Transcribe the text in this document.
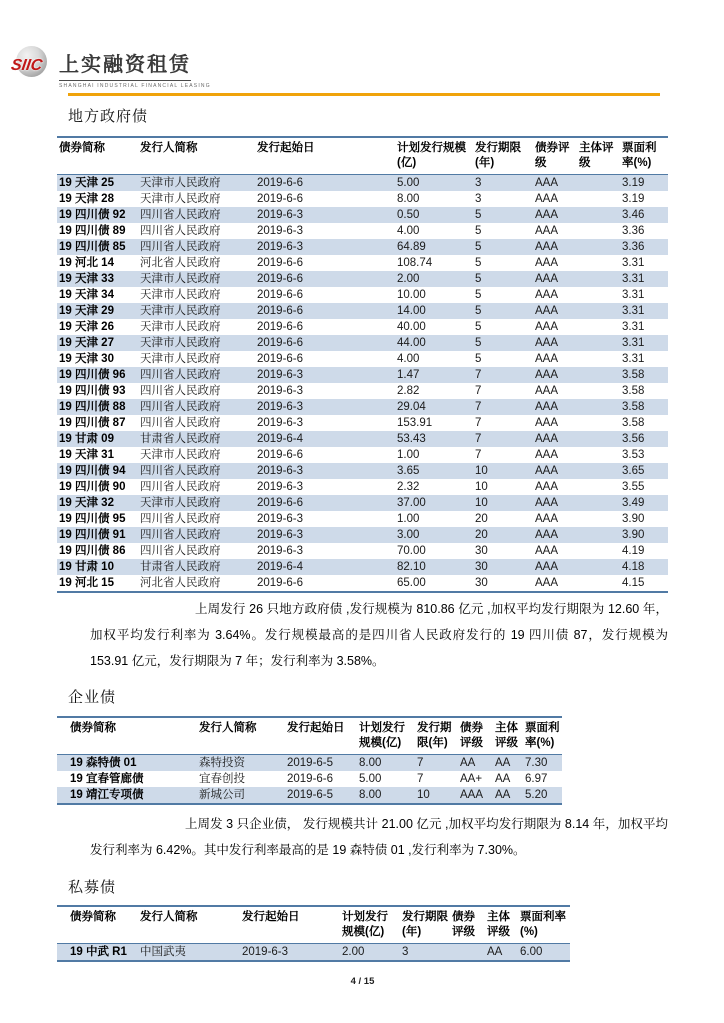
SIIC 上实融资租赁
SHANGHAI INDUSTRIAL FINANCIAL LEASING
地方政府债
债券简称	发行人简称	发行起始日	计划发行规模(亿)	发行期限(年)	债券评级	主体评级	票面利率(%)
19 天津 25	天津市人民政府	2019-6-6	5.00	3	AAA		3.19
19 天津 28	天津市人民政府	2019-6-6	8.00	3	AAA		3.19
19 四川债 92	四川省人民政府	2019-6-3	0.50	5	AAA		3.46
19 四川债 89	四川省人民政府	2019-6-3	4.00	5	AAA		3.36
19 四川债 85	四川省人民政府	2019-6-3	64.89	5	AAA		3.36
19 河北 14	河北省人民政府	2019-6-6	108.74	5	AAA		3.31
19 天津 33	天津市人民政府	2019-6-6	2.00	5	AAA		3.31
19 天津 34	天津市人民政府	2019-6-6	10.00	5	AAA		3.31
19 天津 29	天津市人民政府	2019-6-6	14.00	5	AAA		3.31
19 天津 26	天津市人民政府	2019-6-6	40.00	5	AAA		3.31
19 天津 27	天津市人民政府	2019-6-6	44.00	5	AAA		3.31
19 天津 30	天津市人民政府	2019-6-6	4.00	5	AAA		3.31
19 四川债 96	四川省人民政府	2019-6-3	1.47	7	AAA		3.58
19 四川债 93	四川省人民政府	2019-6-3	2.82	7	AAA		3.58
19 四川债 88	四川省人民政府	2019-6-3	29.04	7	AAA		3.58
19 四川债 87	四川省人民政府	2019-6-3	153.91	7	AAA		3.58
19 甘肃 09	甘肃省人民政府	2019-6-4	53.43	7	AAA		3.56
19 天津 31	天津市人民政府	2019-6-6	1.00	7	AAA		3.53
19 四川债 94	四川省人民政府	2019-6-3	3.65	10	AAA		3.65
19 四川债 90	四川省人民政府	2019-6-3	2.32	10	AAA		3.55
19 天津 32	天津市人民政府	2019-6-6	37.00	10	AAA		3.49
19 四川债 95	四川省人民政府	2019-6-3	1.00	20	AAA		3.90
19 四川债 91	四川省人民政府	2019-6-3	3.00	20	AAA		3.90
19 四川债 86	四川省人民政府	2019-6-3	70.00	30	AAA		4.19
19 甘肃 10	甘肃省人民政府	2019-6-4	82.10	30	AAA		4.18
19 河北 15	河北省人民政府	2019-6-6	65.00	30	AAA		4.15

上周发行 26 只地方政府债 ,发行规模为 810.86 亿元 ,加权平均发行期限为 12.60 年，加权平均发行利率为 3.64%。发行规模最高的是四川省人民政府发行的 19 四川债 87，发行规模为 153.91 亿元，发行期限为 7 年；发行利率为 3.58%。

企业债
债券简称	发行人简称	发行起始日	计划发行规模(亿)	发行期限(年)	债券评级	主体评级	票面利率(%)
19 森特债 01	森特投资	2019-6-5	8.00	7	AA	AA	7.30
19 宜春管廊债	宜春创投	2019-6-6	5.00	7	AA+	AA	6.97
19 靖江专项债	新城公司	2019-6-5	8.00	10	AAA	AA	5.20

上周发 3 只企业债， 发行规模共计 21.00 亿元 ,加权平均发行期限为 8.14 年，加权平均发行利率为 6.42%。其中发行利率最高的是 19 森特债 01 ,发行利率为 7.30%。

私募债
债券简称	发行人简称	发行起始日	计划发行规模(亿)	发行期限(年)	债券评级	主体评级	票面利率(%)
19 中武 R1	中国武夷	2019-6-3	2.00	3		AA	6.00
4 / 15
